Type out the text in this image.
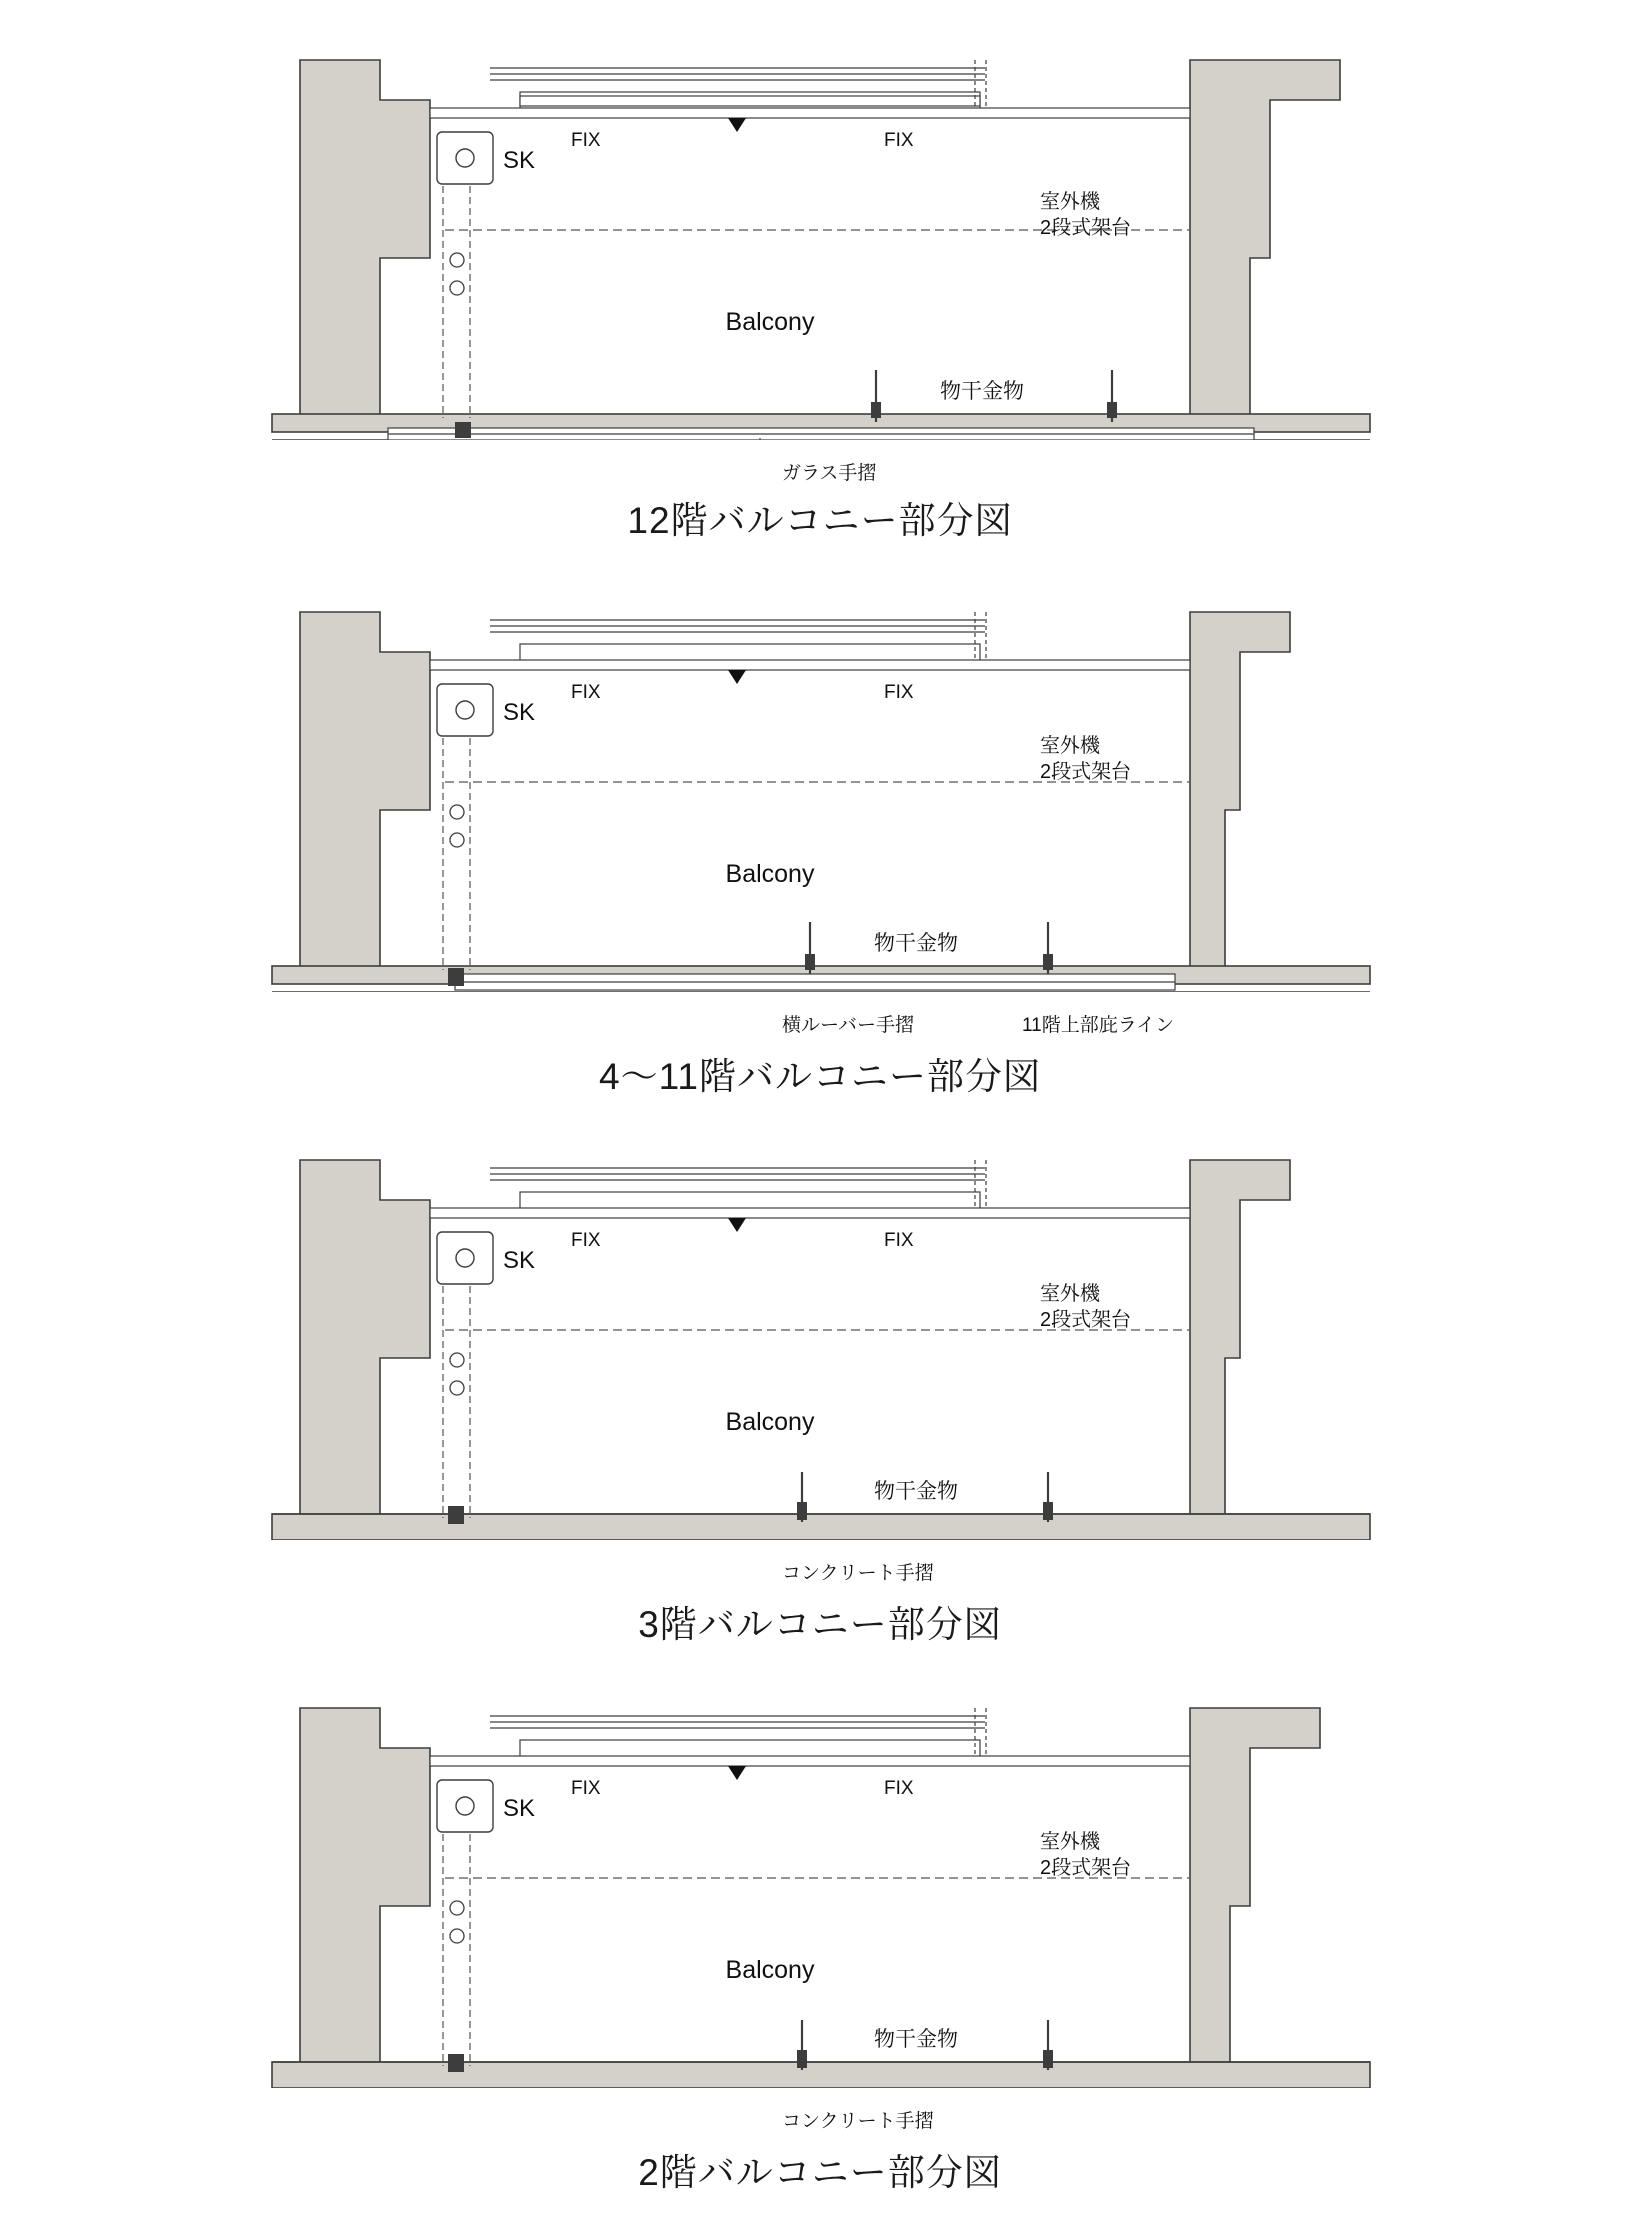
SK
FIX	FIX
室外機
2段式架台
Balcony
物干金物
ガラス手摺
12階バルコニー部分図
SK
FIX	FIX
室外機
2段式架台
Balcony
物干金物
横ルーバー手摺	11階上部庇ライン
4〜11階バルコニー部分図
SK
FIX	FIX
室外機
2段式架台
Balcony
物干金物
コンクリート手摺
3階バルコニー部分図
SK
FIX	FIX
室外機
2段式架台
Balcony
物干金物
コンクリート手摺
2階バルコニー部分図
